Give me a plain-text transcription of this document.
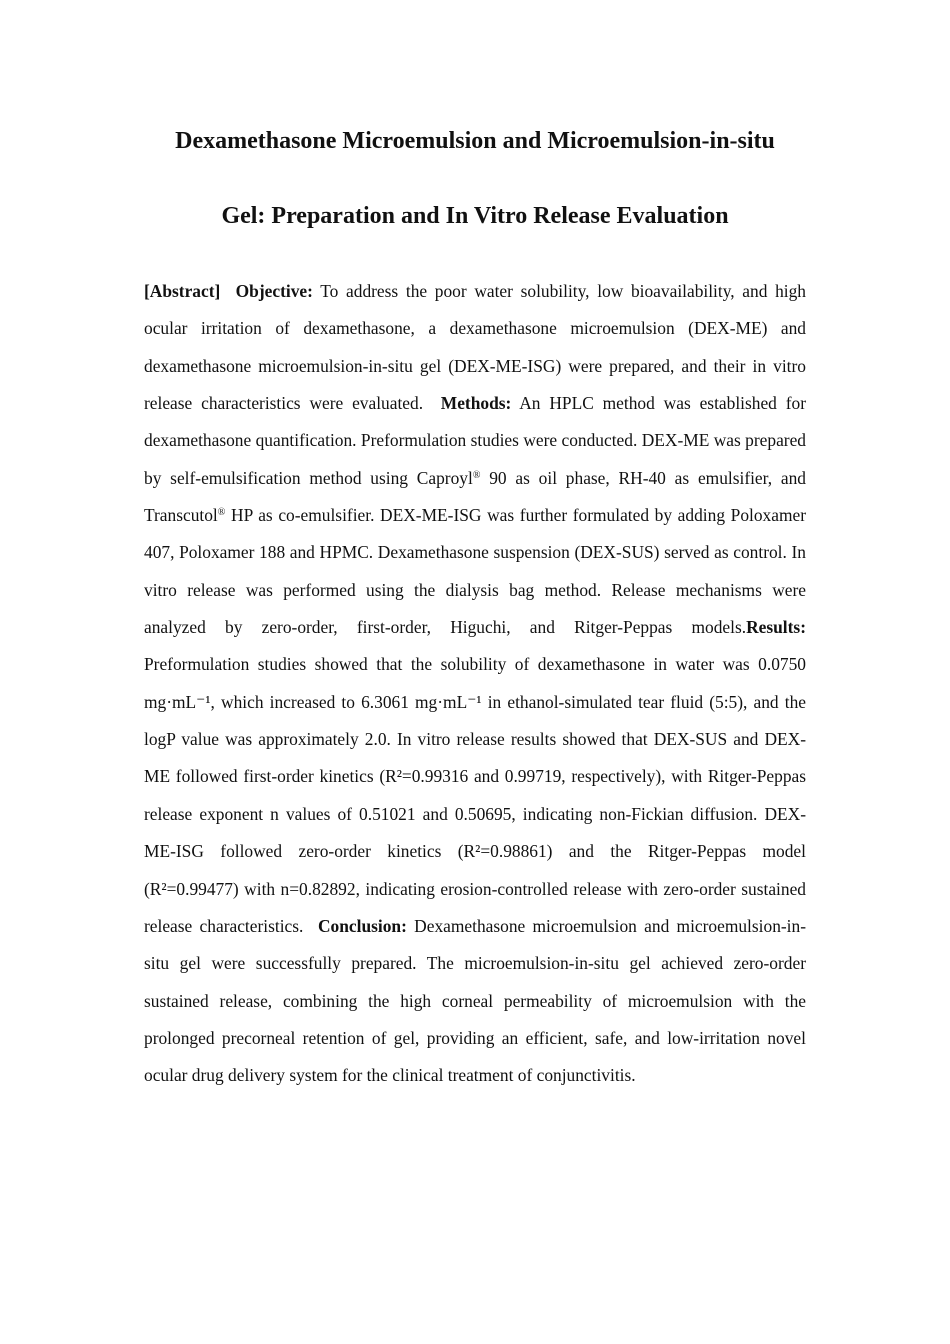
Dexamethasone Microemulsion and Microemulsion-in-situ
Gel: Preparation and In Vitro Release Evaluation

[Abstract] Objective: To address the poor water solubility, low bioavailability, and high ocular irritation of dexamethasone, a dexamethasone microemulsion (DEX-ME) and dexamethasone microemulsion-in-situ gel (DEX-ME-ISG) were prepared, and their in vitro release characteristics were evaluated.  Methods: An HPLC method was established for dexamethasone quantification. Preformulation studies were conducted. DEX-ME was prepared by self-emulsification method using Caproyl® 90 as oil phase, RH-40 as emulsifier, and Transcutol® HP as co-emulsifier. DEX-ME-ISG was further formulated by adding Poloxamer 407, Poloxamer 188 and HPMC. Dexamethasone suspension (DEX-SUS) served as control. In vitro release was performed using the dialysis bag method. Release mechanisms were analyzed by zero-order, first-order, Higuchi, and Ritger-Peppas models.Results: Preformulation studies showed that the solubility of dexamethasone in water was 0.0750 mg·mL⁻¹, which increased to 6.3061 mg·mL⁻¹ in ethanol-simulated tear fluid (5:5), and the logP value was approximately 2.0. In vitro release results showed that DEX-SUS and DEX-ME followed first-order kinetics (R²=0.99316 and 0.99719, respectively), with Ritger-Peppas release exponent n values of 0.51021 and 0.50695, indicating non-Fickian diffusion. DEX-ME-ISG followed zero-order kinetics (R²=0.98861) and the Ritger-Peppas model (R²=0.99477) with n=0.82892, indicating erosion-controlled release with zero-order sustained release characteristics.  Conclusion: Dexamethasone microemulsion and microemulsion-in-situ gel were successfully prepared. The microemulsion-in-situ gel achieved zero-order sustained release, combining the high corneal permeability of microemulsion with the prolonged precorneal retention of gel, providing an efficient, safe, and low-irritation novel ocular drug delivery system for the clinical treatment of conjunctivitis.
